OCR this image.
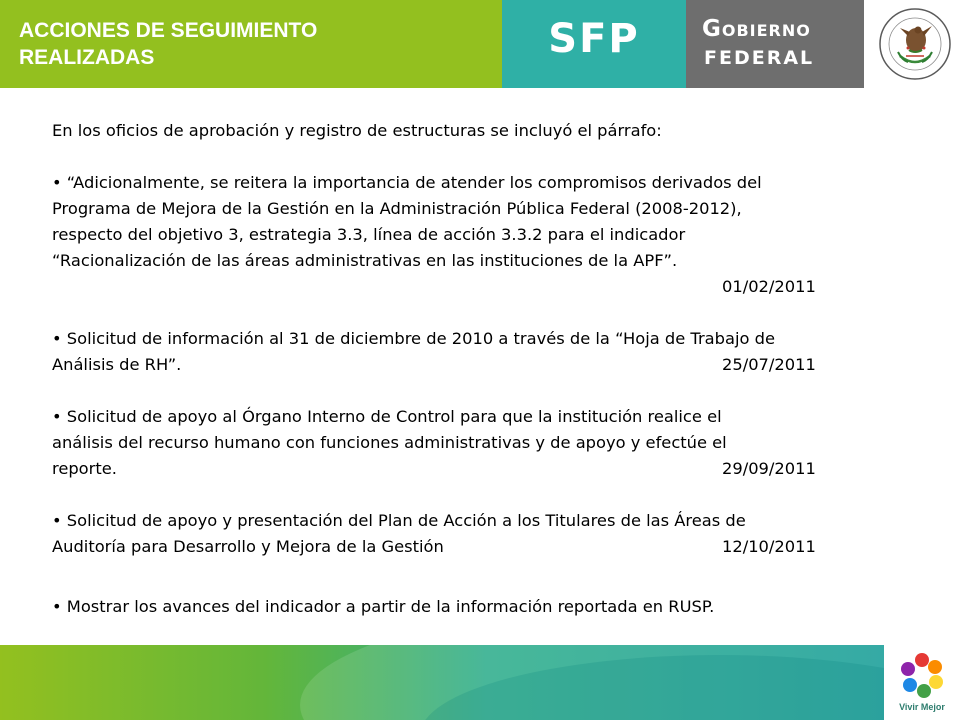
ACCIONES DE SEGUIMIENTO
REALIZADAS	SFP	Gobierno
FEDERAL

En los oficios de aprobación y registro de estructuras se incluyó el párrafo:

• “Adicionalmente, se reitera la importancia de atender los compromisos derivados del
Programa de Mejora de la Gestión en la Administración Pública Federal (2008-2012),
respecto del objetivo 3, estrategia 3.3, línea de acción 3.3.2 para el indicador
“Racionalización de las áreas administrativas en las instituciones de la APF”.
01/02/2011
• Solicitud de información al 31 de diciembre de 2010 a través de la “Hoja de Trabajo de
Análisis de RH”.	25/07/2011
• Solicitud de apoyo al Órgano Interno de Control para que la institución realice el
análisis del recurso humano con funciones administrativas y de apoyo y efectúe el
reporte.	29/09/2011
• Solicitud de apoyo y presentación del Plan de Acción a los Titulares de las Áreas de
Auditoría para Desarrollo y Mejora de la Gestión	12/10/2011
• Mostrar los avances del indicador a partir de la información reportada en RUSP.
Vivir Mejor
